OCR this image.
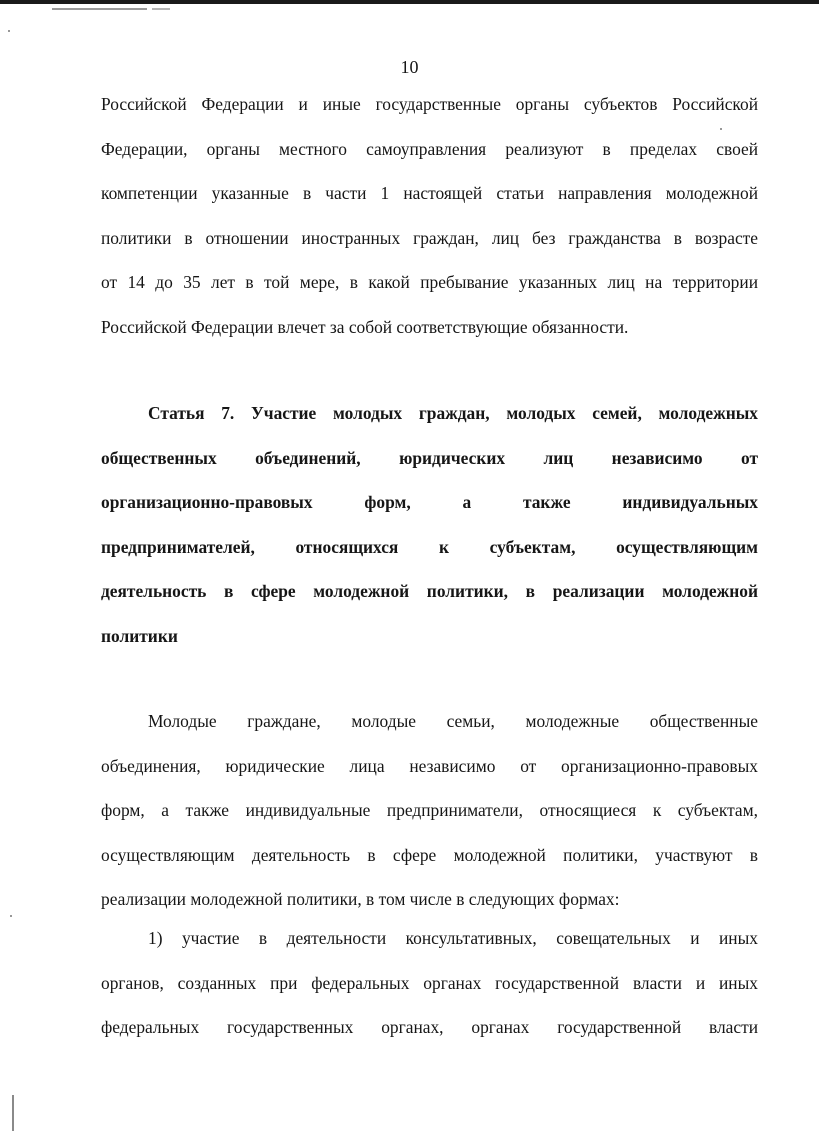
10
Российской Федерации и иные государственные органы субъектов Российской
Федерации, органы местного самоуправления реализуют в пределах своей
компетенции указанные в части 1 настоящей статьи направления молодежной
политики в отношении иностранных граждан, лиц без гражданства в возрасте
от 14 до 35 лет в той мере, в какой пребывание указанных лиц на территории
Российской Федерации влечет за собой соответствующие обязанности.
Статья 7. Участие молодых граждан, молодых семей, молодежных
общественных объединений, юридических лиц независимо от
организационно-правовых форм, а также индивидуальных
предпринимателей, относящихся к субъектам, осуществляющим
деятельность в сфере молодежной политики, в реализации молодежной
политики
Молодые граждане, молодые семьи, молодежные общественные
объединения, юридические лица независимо от организационно-правовых
форм, а также индивидуальные предприниматели, относящиеся к субъектам,
осуществляющим деятельность в сфере молодежной политики, участвуют в
реализации молодежной политики, в том числе в следующих формах:
1) участие в деятельности консультативных, совещательных и иных
органов, созданных при федеральных органах государственной власти и иных
федеральных государственных органах, органах государственной власти
